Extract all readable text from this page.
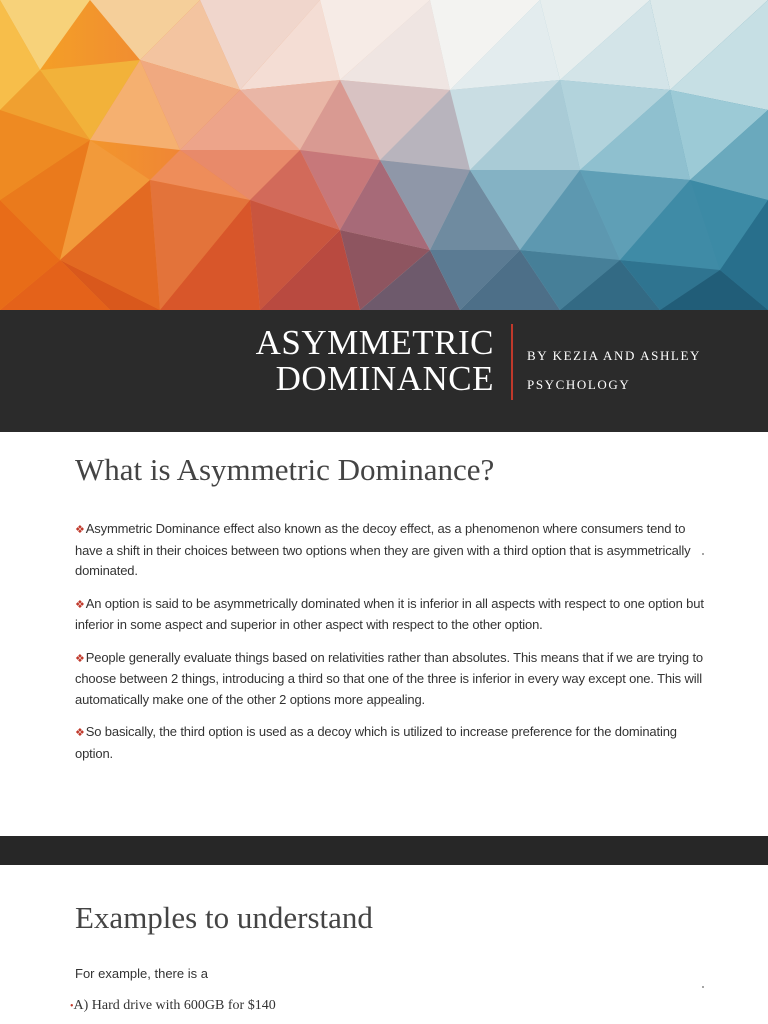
ASYMMETRIC
DOMINANCE
BY KEZIA AND ASHLEY
PSYCHOLOGY
What is Asymmetric Dominance?

❖Asymmetric Dominance effect also known as the decoy effect, as a phenomenon where consumers tend to have a shift in their choices between two options when they are given with a third option that is asymmetrically dominated.

❖An option is said to be asymmetrically dominated when it is inferior in all aspects with respect to one option but inferior in some aspect and superior in other aspect with respect to the other option.

❖People generally evaluate things based on relativities rather than absolutes. This means that if we are trying to choose between 2 things, introducing a third so that one of the three is inferior in every way except one. This will automatically make one of the other 2 options more appealing.

❖So basically, the third option is used as a decoy which is utilized to increase preference for the dominating option.

Examples to understand
For example, there is a
•A) Hard drive with 600GB for $140
